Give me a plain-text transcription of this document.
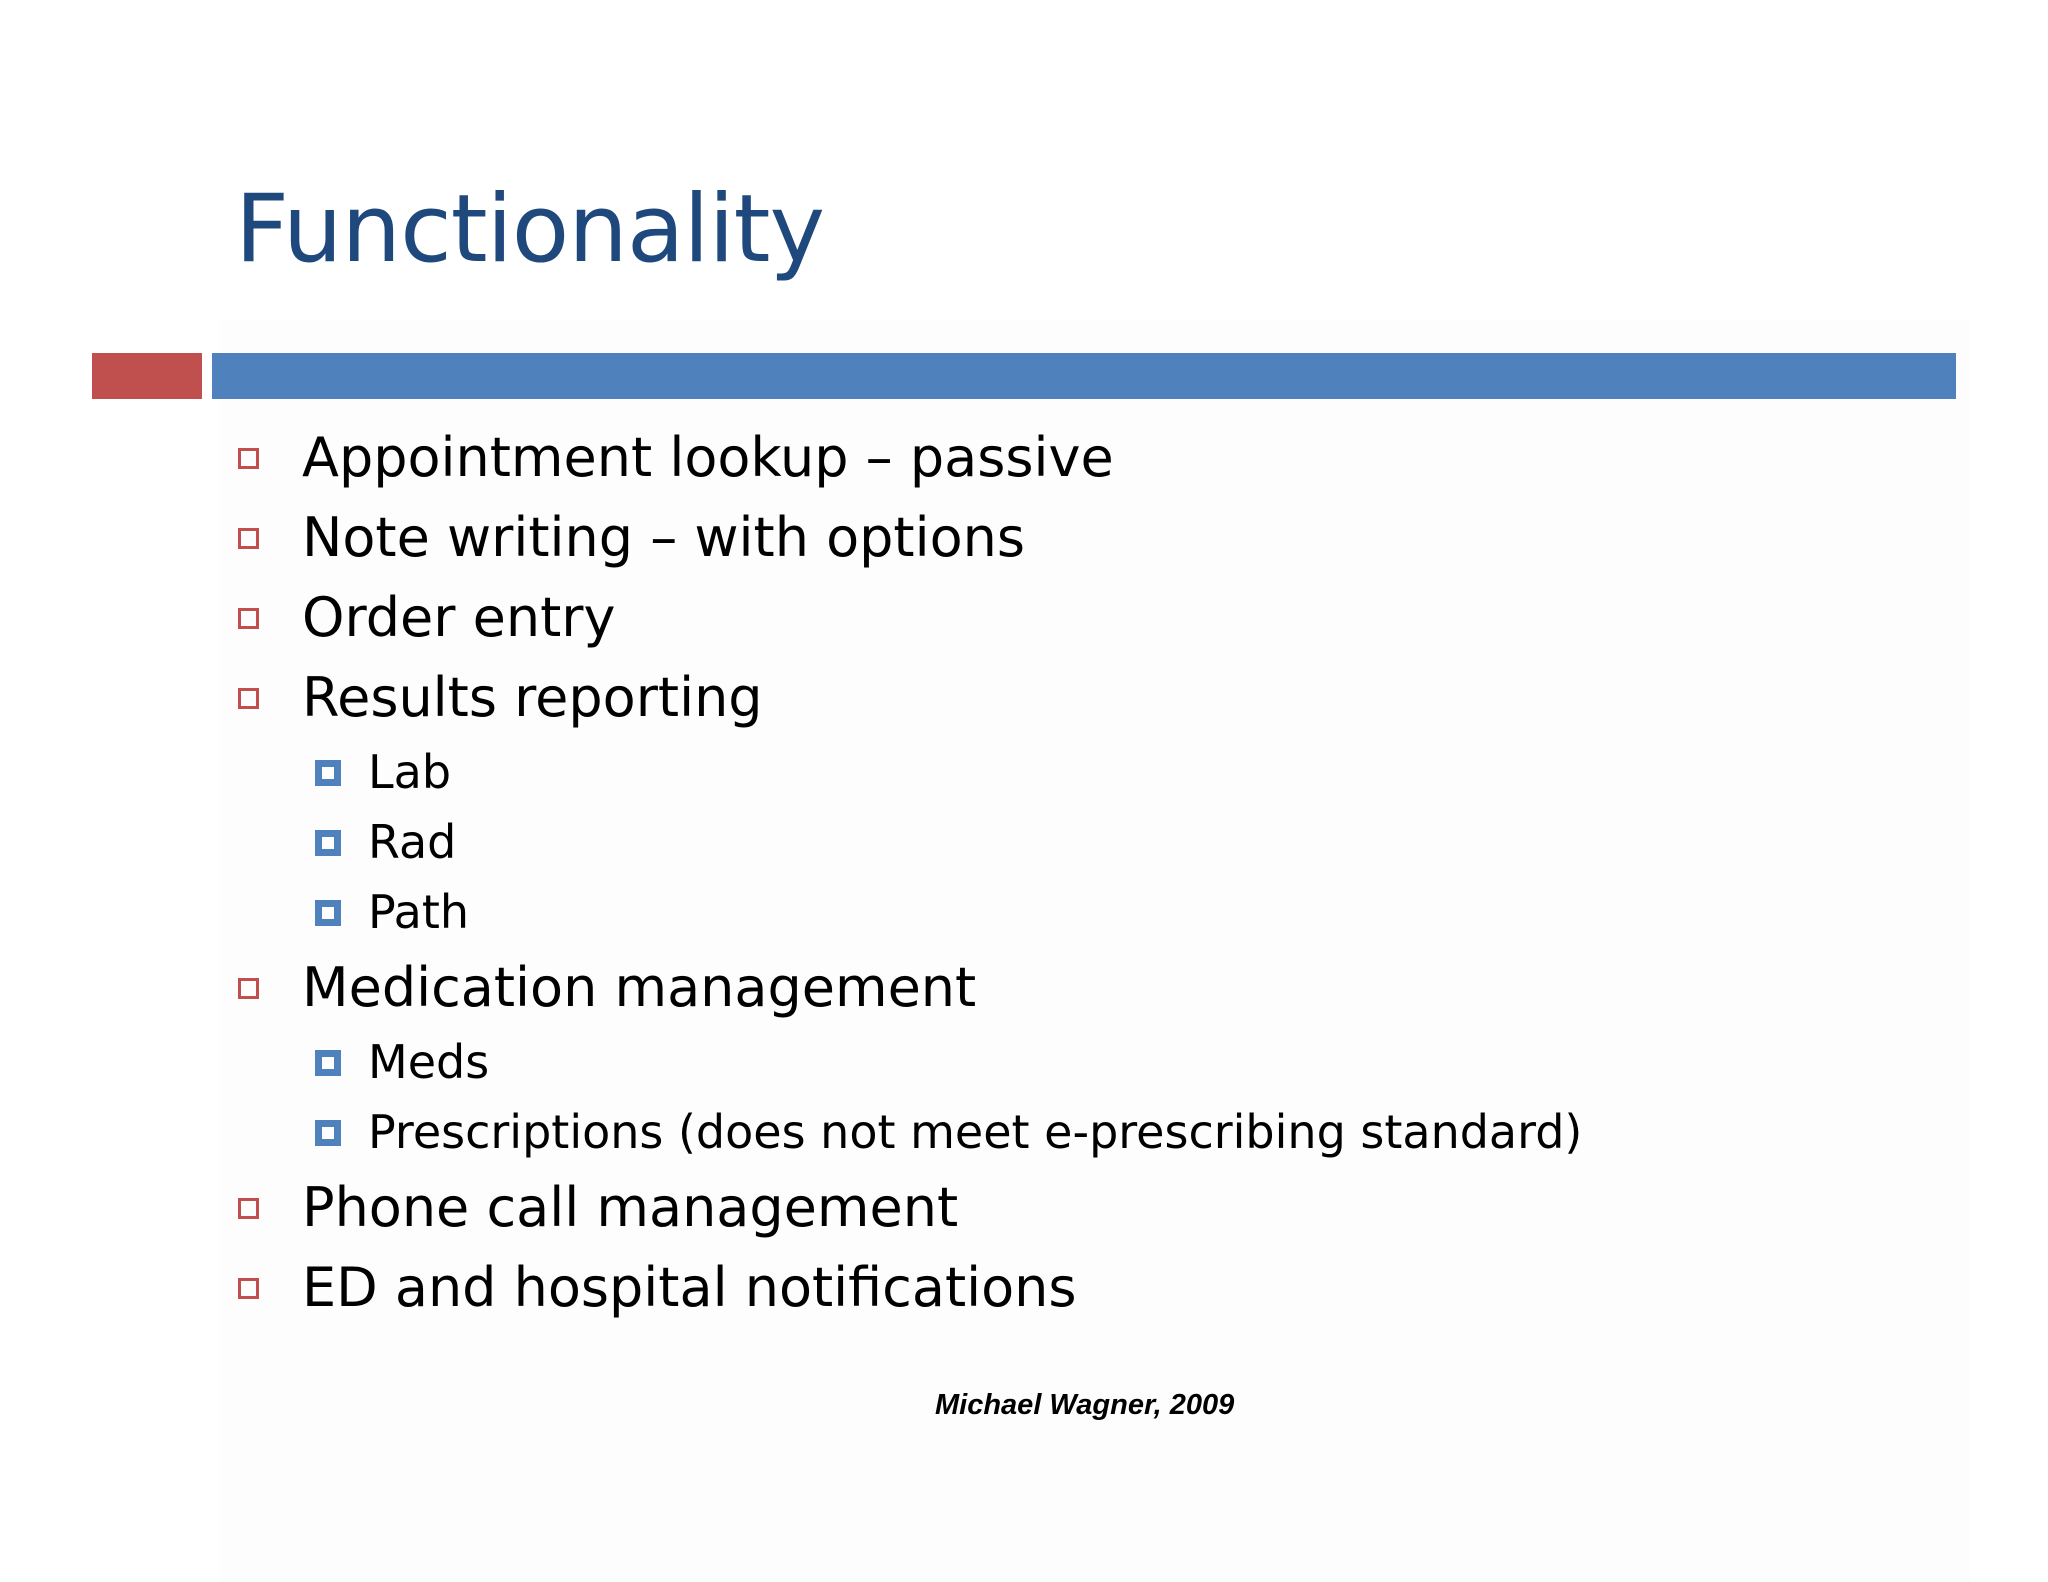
Functionality
Appointment lookup – passive
Note writing – with options
Order entry
Results reporting
Lab
Rad
Path
Medication management
Meds
Prescriptions (does not meet e-prescribing standard)
Phone call management
ED and hospital notifications
Michael Wagner, 2009
